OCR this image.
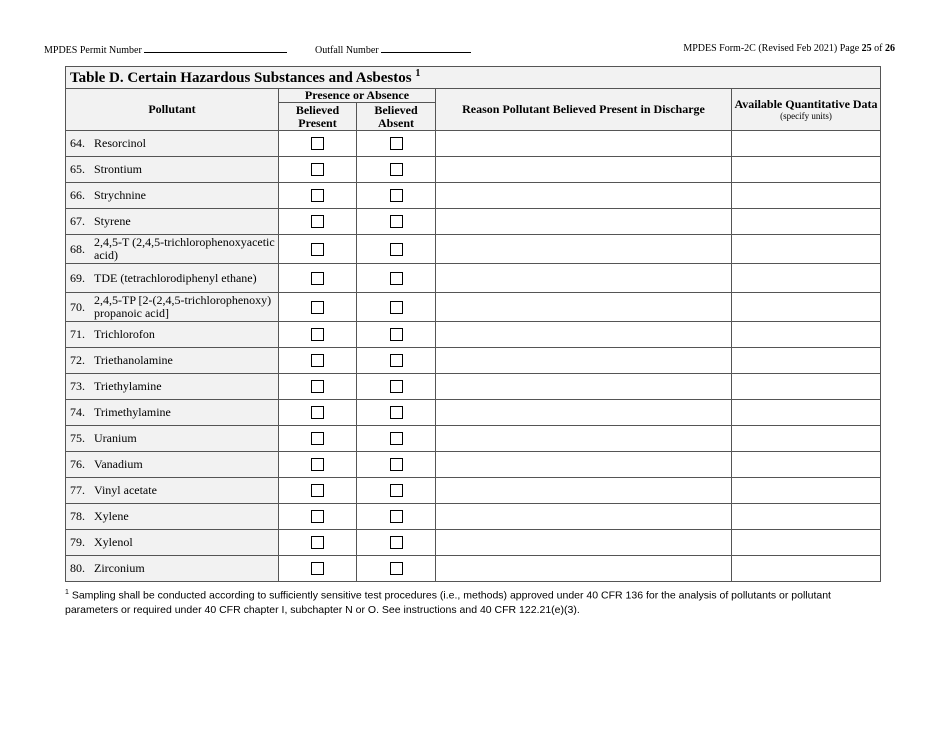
MPDES Permit Number	Outfall Number	MPDES Form-2C (Revised Feb 2021) Page 25 of 26
Table D. Certain Hazardous Substances and Asbestos $^1$
Pollutant	Presence or Absence		Reason Pollutant Believed Present in Discharge	Available Quantitative Data
(specify units)

	Believed Present	Believed Absent		

64. Resorcinol				

65. Strontium				

66. Strychnine				

67. Styrene				

68. 2,4,5-T (2,4,5-trichlorophenoxyacetic acid)				

69. TDE (tetrachlorodiphenyl ethane)				

70. 2,4,5-TP [2-(2,4,5-trichlorophenoxy) propanoic acid]				

71. Trichlorofon				

72. Triethanolamine				

73. Triethylamine				

74. Trimethylamine				

75. Uranium				

76. Vanadium				

77. Vinyl acetate				

78. Xylene				

79. Xylenol				

80. Zirconium				

$^1$ Sampling shall be conducted according to sufficiently sensitive test procedures (i.e., methods) approved under 40 CFR 136 for the analysis of pollutants or pollutant parameters or required under 40 CFR chapter I, subchapter N or O. See instructions and 40 CFR 122.21(e)(3).
